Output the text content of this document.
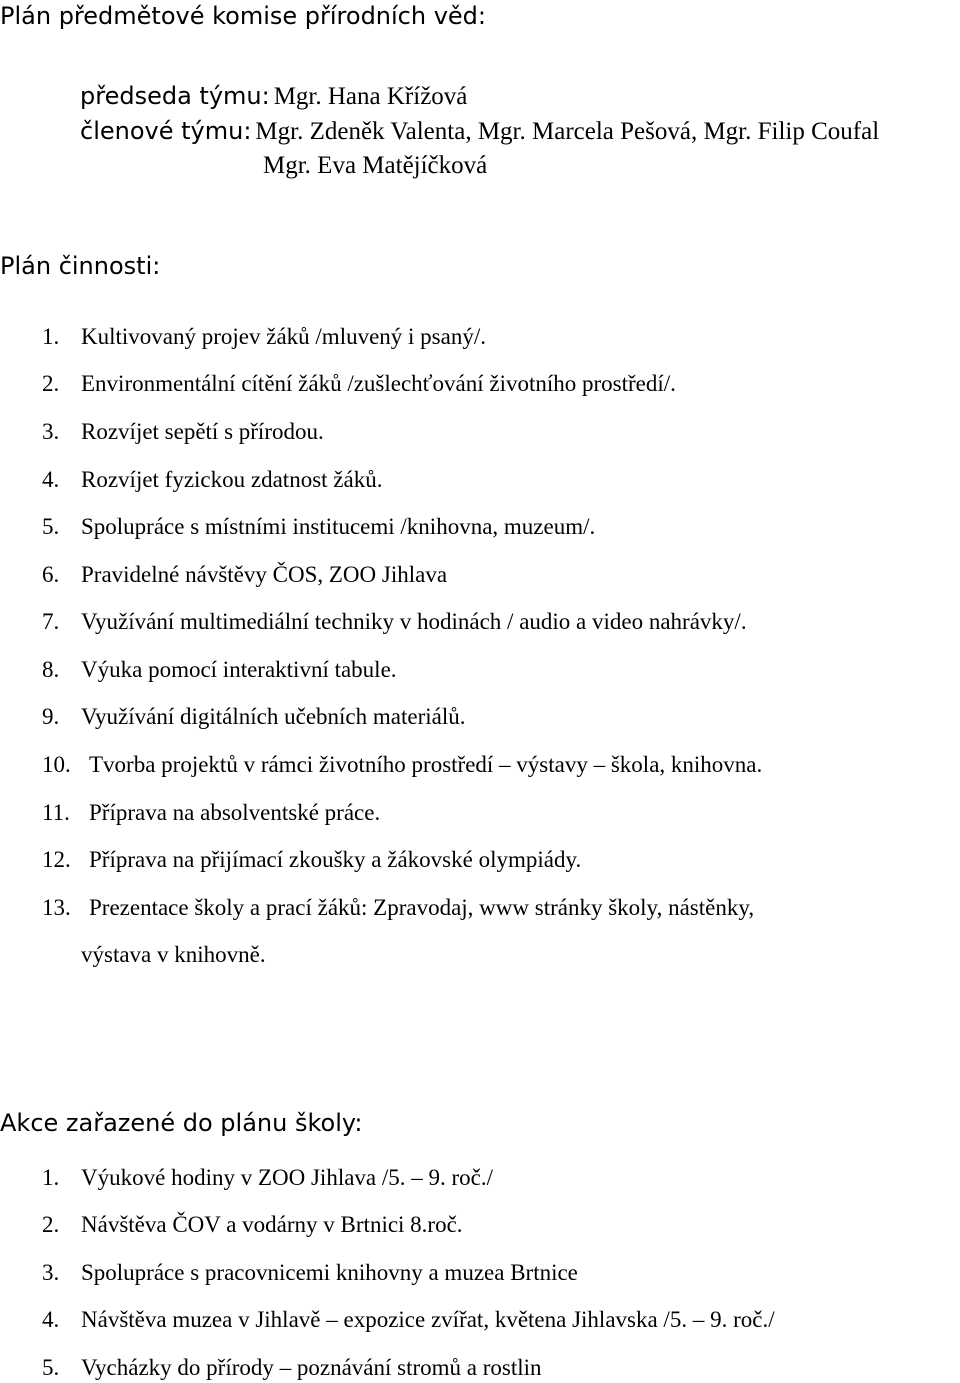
Plán předmětové komise přírodních věd:
předseda týmu: Mgr. Hana Křížová
členové týmu: Mgr. Zdeněk Valenta, Mgr. Marcela Pešová, Mgr. Filip Coufal
Mgr. Eva Matějíčková
Plán činnosti:
1. Kultivovaný projev žáků /mluvený i psaný/.
2. Environmentální cítění žáků /zušlechťování životního prostředí/.
3. Rozvíjet sepětí s přírodou.
4. Rozvíjet fyzickou zdatnost žáků.
5. Spolupráce s místními institucemi /knihovna, muzeum/.
6. Pravidelné návštěvy ČOS, ZOO Jihlava
7. Využívání multimediální techniky v hodinách / audio a video nahrávky/.
8. Výuka pomocí interaktivní tabule.
9. Využívání digitálních učebních materiálů.
10. Tvorba projektů v rámci životního prostředí – výstavy – škola, knihovna.
11. Příprava na absolventské práce.
12. Příprava na přijímací zkoušky a žákovské olympiády.
13. Prezentace školy a prací žáků: Zpravodaj, www stránky školy, nástěnky,
výstava v knihovně.
Akce zařazené do plánu školy:
1. Výukové hodiny v ZOO Jihlava /5. – 9. roč./
2. Návštěva ČOV a vodárny v Brtnici 8.roč.
3. Spolupráce s pracovnicemi knihovny a muzea Brtnice
4. Návštěva muzea v Jihlavě – expozice zvířat, květena Jihlavska /5. – 9. roč./
5. Vycházky do přírody – poznávání stromů a rostlin
